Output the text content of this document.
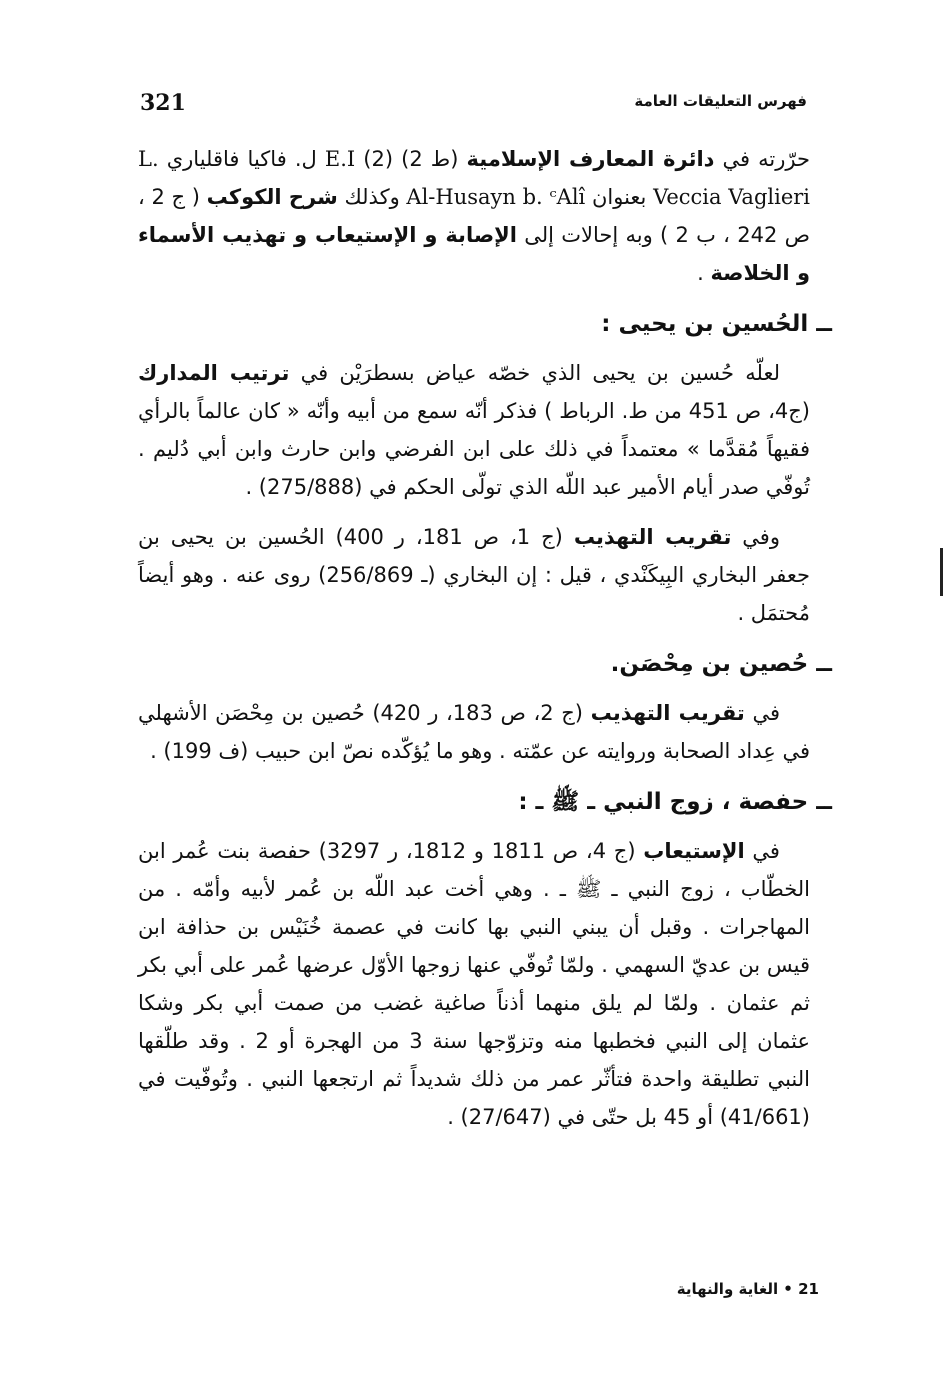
321	فهرس التعليقات العامة

حرّرته في دائرة المعارف الإسلامية (ط 2) (2) E.I ل. فاكيا فاقلياري L. Veccia Vaglieri بعنوان Al-Husayn b. ᶜAlî وكذلك شرح الكوكب ( ج 2 ، ص 242 ، ب 2 ) وبه إحالات إلى الإصابة و الإستيعاب و تهذيب الأسماء و الخلاصة .

ــ الحُسين بن يحيى :

لعلّه حُسين بن يحيى الذي خصّه عياض بسطرَيْن في ترتيب المدارك (ج4، ص 451 من ط. الرباط ) فذكر أنّه سمع من أبيه وأنّه « كان عالماً بالرأي فقيهاً مُقدَّما » معتمداً في ذلك على ابن الفرضي وابن حارث وابن أبي دُليم . تُوفّي صدر أيام الأمير عبد اللّه الذي تولّى الحكم في (275/888) .

وفي تقريب التهذيب (ج 1، ص 181، ر 400) الحُسين بن يحيى بن جعفر البخاري البِيكَنْدي ، قيل : إن البخاري (ـ 256/869) روى عنه . وهو أيضاً مُحتمَل .

ــ حُصين بن مِحْصَن.

في تقريب التهذيب (ج 2، ص 183، ر 420) حُصين بن مِحْصَن الأشهلي في عِداد الصحابة وروايته عن عمّته . وهو ما يُؤكّده نصّ ابن حبيب (ف 199) .

ــ حفصة ، زوج النبي ـ ﷺ ـ :

في الإستيعاب (ج 4، ص 1811 و 1812، ر 3297) حفصة بنت عُمر ابن الخطّاب ، زوج النبي ـ ﷺ ـ . وهي أخت عبد اللّه بن عُمر لأبيه وأمّه . من المهاجرات . وقبل أن يبني النبي بها كانت في عصمة خُنَيْس بن حذافة ابن قيس بن عديّ السهمي . ولمّا تُوفّي عنها زوجها الأوّل عرضها عُمر على أبي بكر ثم عثمان . ولمّا لم يلق منهما أذناً صاغية غضب من صمت أبي بكر وشكا عثمان إلى النبي فخطبها منه وتزوّجها سنة 3 من الهجرة أو 2 . وقد طلّقها النبي تطليقة واحدة فتأثّر عمر من ذلك شديداً ثم ارتجعها النبي . وتُوفّيت في (41/661) أو 45 بل حتّى في (27/647) .

21 • الغاية والنهاية
